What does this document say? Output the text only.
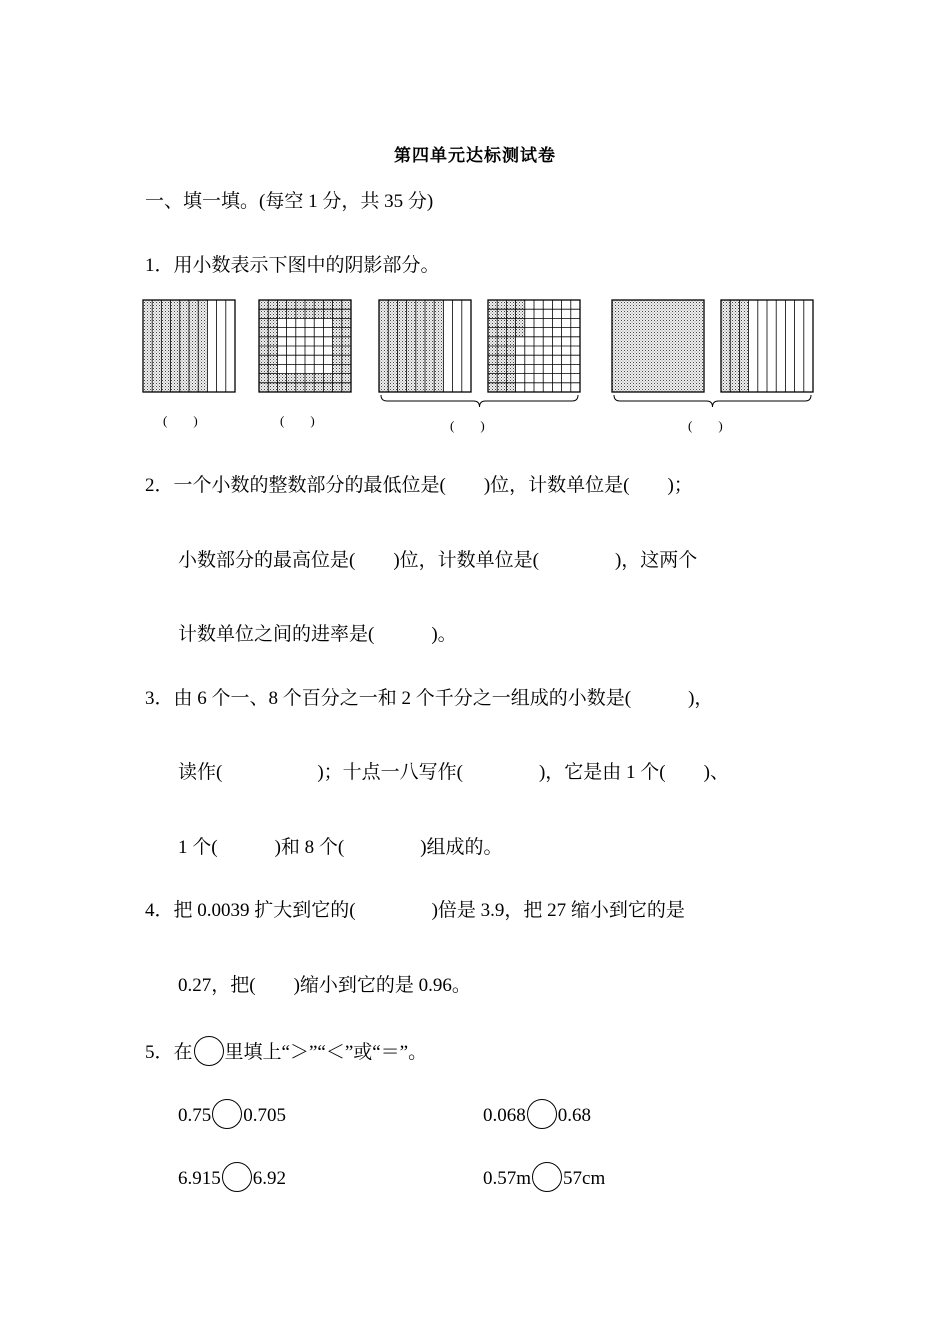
第四单元达标测试卷
一、填一填。(每空 1 分，共 35 分)
1．用小数表示下图中的阴影部分。
(　　)	(　　)	(　　)	(　　)
2．一个小数的整数部分的最低位是(　　)位，计数单位是(　　)；
小数部分的最高位是(　　)位，计数单位是(　　　　)，这两个
计数单位之间的进率是(　　　)。
3．由 6 个一、8 个百分之一和 2 个千分之一组成的小数是(　　　)，
读作(　　　　　)；十点一八写作(　　　　)，它是由 1 个(　　)、
1 个(　　　)和 8 个(　　　　)组成的。
4．把 0.0039 扩大到它的(　　　　)倍是 3.9，把 27 缩小到它的是
0.27，把(　　)缩小到它的是 0.96。
5．在 里填上“＞”“＜”或“＝”。
0.75 0.705	0.068 0.68
6.915 6.92	0.57m 57cm
